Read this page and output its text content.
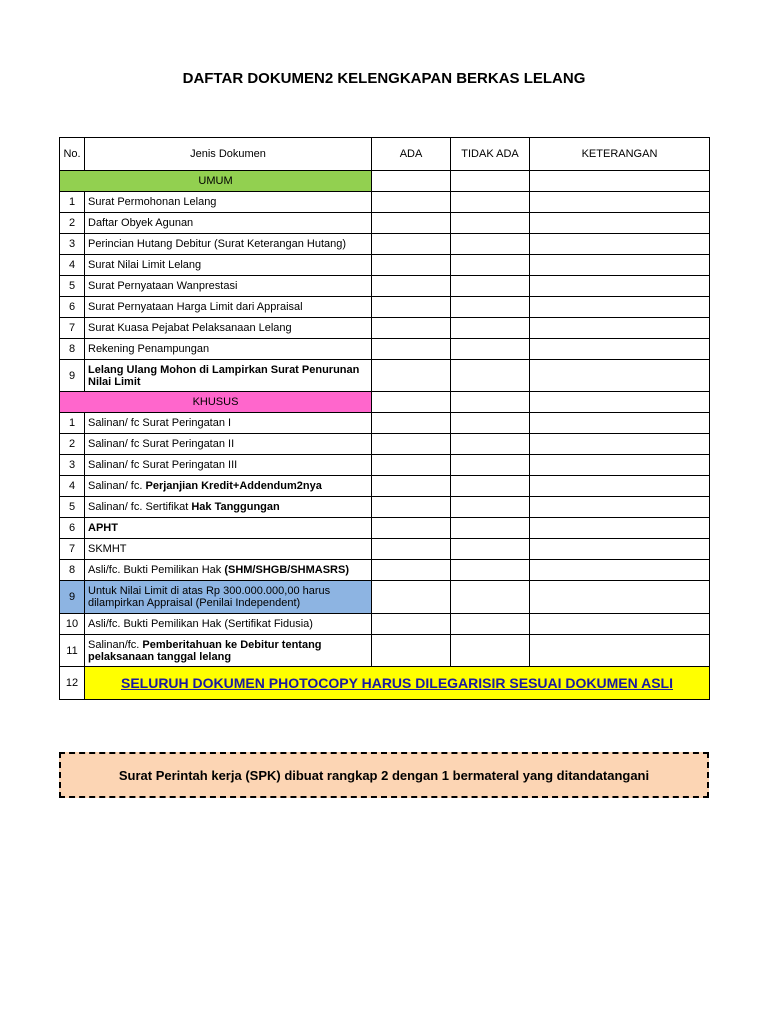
DAFTAR DOKUMEN2 KELENGKAPAN BERKAS LELANG
No.	Jenis Dokumen	ADA	TIDAK ADA	KETERANGAN
UMUM				
1	Surat Permohonan Lelang			
2	Daftar Obyek Agunan			
3	Perincian Hutang Debitur (Surat Keterangan Hutang)			
4	Surat Nilai Limit Lelang			
5	Surat Pernyataan Wanprestasi			
6	Surat Pernyataan Harga Limit dari Appraisal			
7	Surat Kuasa Pejabat Pelaksanaan Lelang			
8	Rekening Penampungan			
9	Lelang Ulang Mohon di Lampirkan Surat Penurunan Nilai Limit			
KHUSUS				
1	Salinan/ fc Surat Peringatan I			
2	Salinan/ fc Surat Peringatan II			
3	Salinan/ fc Surat Peringatan III			
4	Salinan/ fc. Perjanjian Kredit+Addendum2nya			
5	Salinan/ fc. Sertifikat Hak Tanggungan			
6	APHT			
7	SKMHT			
8	Asli/fc. Bukti Pemilikan Hak (SHM/SHGB/SHMASRS)			
9	Untuk Nilai Limit di atas Rp 300.000.000,00 harus dilampirkan Appraisal (Penilai Independent)			
10	Asli/fc. Bukti Pemilikan Hak (Sertifikat Fidusia)			
11	Salinan/fc. Pemberitahuan ke Debitur tentang pelaksanaan tanggal lelang			
12	SELURUH DOKUMEN PHOTOCOPY HARUS DILEGARISIR SESUAI DOKUMEN ASLI			
Surat Perintah kerja (SPK) dibuat rangkap 2 dengan 1 bermateral yang ditandatangani
